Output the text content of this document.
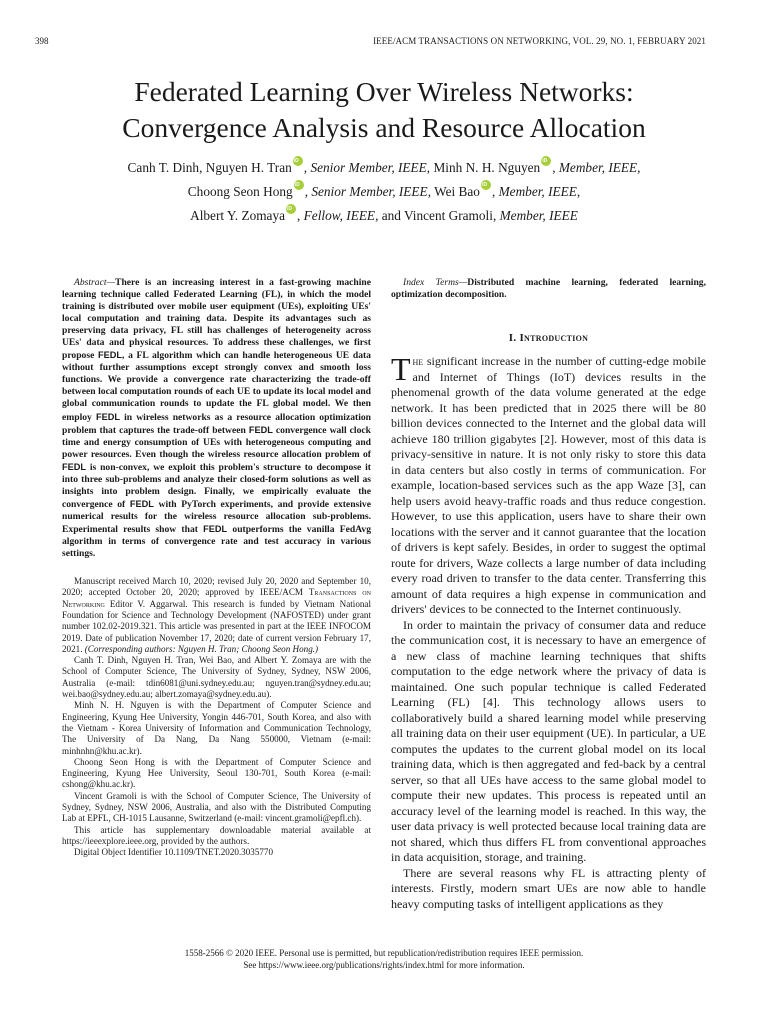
398	IEEE/ACM TRANSACTIONS ON NETWORKING, VOL. 29, NO. 1, FEBRUARY 2021
Federated Learning Over Wireless Networks:
Convergence Analysis and Resource Allocation
Canh T. Dinh, Nguyen H. Tran iD , Senior Member, IEEE, Minh N. H. Nguyen iD , Member, IEEE,
Choong Seon Hong iD , Senior Member, IEEE, Wei Bao iD , Member, IEEE,
Albert Y. Zomaya iD , Fellow, IEEE, and Vincent Gramoli, Member, IEEE

Abstract—There is an increasing interest in a fast-growing machine learning technique called Federated Learning (FL), in which the model training is distributed over mobile user equipment (UEs), exploiting UEs' local computation and training data. Despite its advantages such as preserving data privacy, FL still has challenges of heterogeneity across UEs' data and physical resources. To address these challenges, we first propose FEDL, a FL algorithm which can handle heterogeneous UE data without further assumptions except strongly convex and smooth loss functions. We provide a convergence rate characterizing the trade-off between local computation rounds of each UE to update its local model and global communication rounds to update the FL global model. We then employ FEDL in wireless networks as a resource allocation optimization problem that captures the trade-off between FEDL convergence wall clock time and energy consumption of UEs with heterogeneous computing and power resources. Even though the wireless resource allocation problem of FEDL is non-convex, we exploit this problem's structure to decompose it into three sub-problems and analyze their closed-form solutions as well as insights into problem design. Finally, we empirically evaluate the convergence of FEDL with PyTorch experiments, and provide extensive numerical results for the wireless resource allocation sub-problems. Experimental results show that FEDL outperforms the vanilla FedAvg algorithm in terms of convergence rate and test accuracy in various settings.

Manuscript received March 10, 2020; revised July 20, 2020 and September 10, 2020; accepted October 20, 2020; approved by IEEE/ACM Transactions on Networking Editor V. Aggarwal. This research is funded by Vietnam National Foundation for Science and Technology Development (NAFOSTED) under grant number 102.02-2019.321. This article was presented in part at the IEEE INFOCOM 2019. Date of publication November 17, 2020; date of current version February 17, 2021. (Corresponding authors: Nguyen H. Tran; Choong Seon Hong.)

Canh T. Dinh, Nguyen H. Tran, Wei Bao, and Albert Y. Zomaya are with the School of Computer Science, The University of Sydney, Sydney, NSW 2006, Australia (e-mail: tdin6081@uni.sydney.edu.au; nguyen.tran@sydney.edu.au; wei.bao@sydney.edu.au; albert.zomaya@sydney.edu.au).

Minh N. H. Nguyen is with the Department of Computer Science and Engineering, Kyung Hee University, Yongin 446-701, South Korea, and also with the Vietnam - Korea University of Information and Communication Technology, The University of Da Nang, Da Nang 550000, Vietnam (e-mail: minhnhn@khu.ac.kr).

Choong Seon Hong is with the Department of Computer Science and Engineering, Kyung Hee University, Seoul 130-701, South Korea (e-mail: cshong@khu.ac.kr).

Vincent Gramoli is with the School of Computer Science, The University of Sydney, Sydney, NSW 2006, Australia, and also with the Distributed Computing Lab at EPFL, CH-1015 Lausanne, Switzerland (e-mail: vincent.gramoli@epfl.ch).

This article has supplementary downloadable material available at https://ieeexplore.ieee.org, provided by the authors.

Digital Object Identifier 10.1109/TNET.2020.3035770

Index Terms—Distributed machine learning, federated learning, optimization decomposition.

I. Introduction

The significant increase in the number of cutting-edge mobile and Internet of Things (IoT) devices results in the phenomenal growth of the data volume generated at the edge network. It has been predicted that in 2025 there will be 80 billion devices connected to the Internet and the global data will achieve 180 trillion gigabytes [2]. However, most of this data is privacy-sensitive in nature. It is not only risky to store this data in data centers but also costly in terms of communication. For example, location-based services such as the app Waze [3], can help users avoid heavy-traffic roads and thus reduce congestion. However, to use this application, users have to share their own locations with the server and it cannot guarantee that the location of drivers is kept safely. Besides, in order to suggest the optimal route for drivers, Waze collects a large number of data including every road driven to transfer to the data center. Transferring this amount of data requires a high expense in communication and drivers' devices to be connected to the Internet continuously.

In order to maintain the privacy of consumer data and reduce the communication cost, it is necessary to have an emergence of a new class of machine learning techniques that shifts computation to the edge network where the privacy of data is maintained. One such popular technique is called Federated Learning (FL) [4]. This technology allows users to collaboratively build a shared learning model while preserving all training data on their user equipment (UE). In particular, a UE computes the updates to the current global model on its local training data, which is then aggregated and fed-back by a central server, so that all UEs have access to the same global model to compute their new updates. This process is repeated until an accuracy level of the learning model is reached. In this way, the user data privacy is well protected because local training data are not shared, which thus differs FL from conventional approaches in data acquisition, storage, and training.

There are several reasons why FL is attracting plenty of interests. Firstly, modern smart UEs are now able to handle heavy computing tasks of intelligent applications as they

1558-2566 © 2020 IEEE. Personal use is permitted, but republication/redistribution requires IEEE permission.
See https://www.ieee.org/publications/rights/index.html for more information.
